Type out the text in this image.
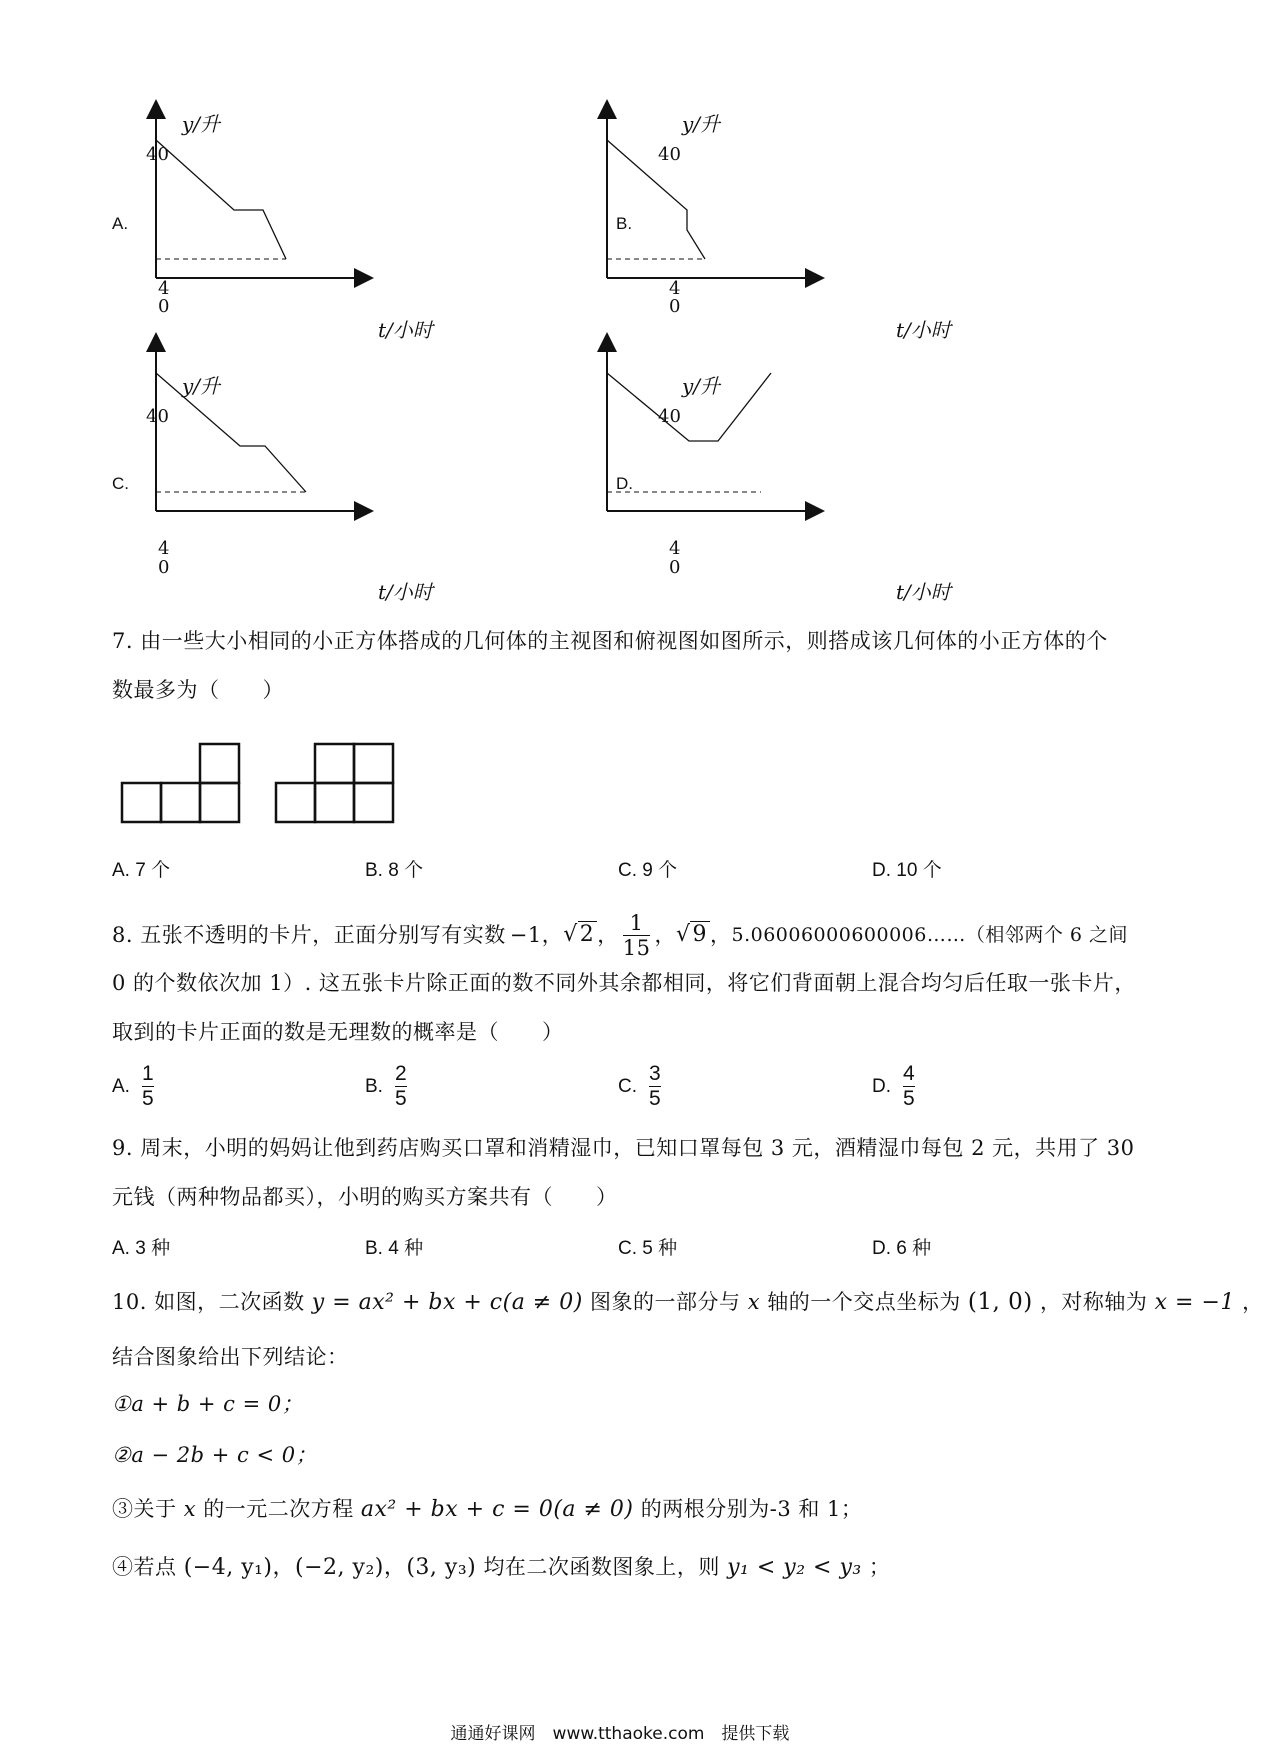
A.	B.
C.	D.
y/升
40
4
0
t/小时
y/升
40
4
0
t/小时
y/升
40
4
0
t/小时
y/升
40
4
0
t/小时
7. 由一些大小相同的小正方体搭成的几何体的主视图和俯视图如图所示，则搭成该几何体的小正方体的个
数最多为（　　）
A. 7 个	B. 8 个	C. 9 个	D. 10 个
8. 五张不透明的卡片，正面分别写有实数 −1 ， √2 ， $\frac{1}{15}$ ， √9 ， 5.06006000600006……（相邻两个 6 之间
0 的个数依次加 1）. 这五张卡片除正面的数不同外其余都相同，将它们背面朝上混合均匀后任取一张卡片，
取到的卡片正面的数是无理数的概率是（　　）
A. $\frac{1}{5}$	B. $\frac{2}{5}$	C. $\frac{3}{5}$	D. $\frac{4}{5}$
9. 周末，小明的妈妈让他到药店购买口罩和消精湿巾，已知口罩每包 3 元，酒精湿巾每包 2 元，共用了 30
元钱（两种物品都买），小明的购买方案共有（　　）
A. 3 种	B. 4 种	C. 5 种	D. 6 种
10. 如图，二次函数 y = ax² + bx + c(a ≠ 0) 图象的一部分与 x 轴的一个交点坐标为 (1, 0) ，对称轴为 x = −1 ，
结合图象给出下列结论：
①a + b + c = 0；
②a − 2b + c < 0；
③关于 x 的一元二次方程 ax² + bx + c = 0(a ≠ 0) 的两根分别为-3 和 1；
④若点 (−4, y₁)，(−2, y₂)，(3, y₃) 均在二次函数图象上，则 y₁ < y₂ < y₃ ；
通通好课网　www.tthaoke.com　提供下载
